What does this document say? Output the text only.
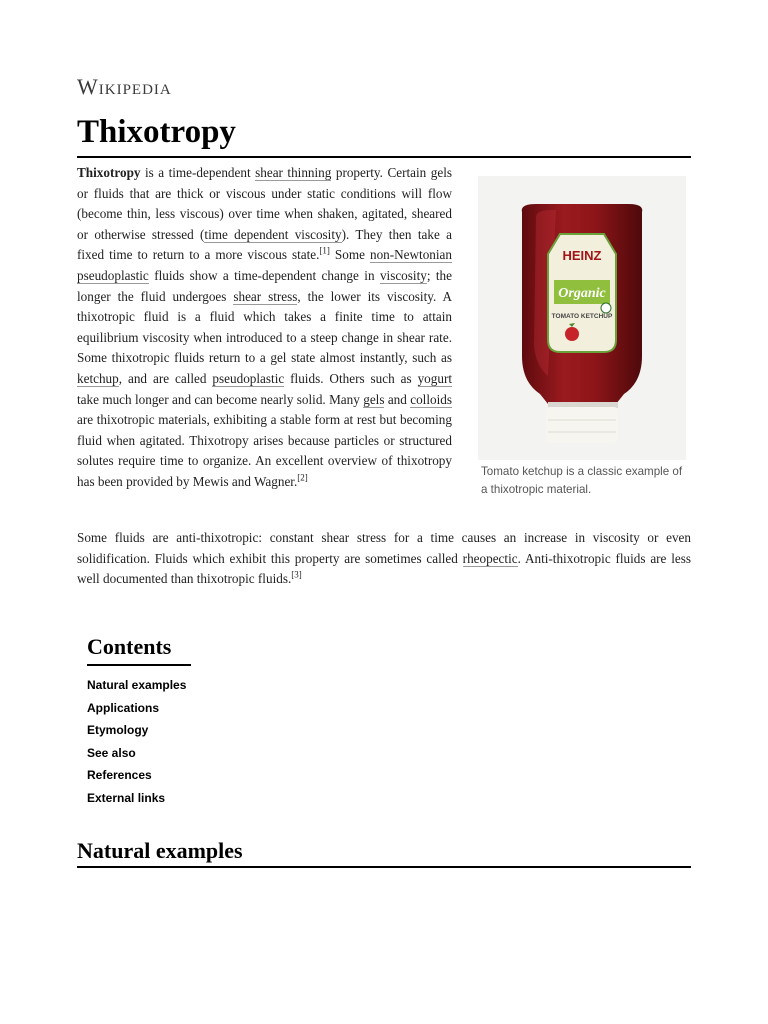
Wikipedia
Thixotropy

Thixotropy is a time-dependent shear thinning property. Certain gels or fluids that are thick or viscous under static conditions will flow (become thin, less viscous) over time when shaken, agitated, sheared or otherwise stressed (time dependent viscosity). They then take a fixed time to return to a more viscous state.[1] Some non-Newtonian pseudoplastic fluids show a time-dependent change in viscosity; the longer the fluid undergoes shear stress, the lower its viscosity. A thixotropic fluid is a fluid which takes a finite time to attain equilibrium viscosity when introduced to a steep change in shear rate. Some thixotropic fluids return to a gel state almost instantly, such as ketchup, and are called pseudoplastic fluids. Others such as yogurt take much longer and can become nearly solid. Many gels and colloids are thixotropic materials, exhibiting a stable form at rest but becoming fluid when agitated. Thixotropy arises because particles or structured solutes require time to organize. An excellent overview of thixotropy has been provided by Mewis and Wagner.[2]

HEINZ
Organic
TOMATO KETCHUP
Tomato ketchup is a classic example of a thixotropic material.

Some fluids are anti-thixotropic: constant shear stress for a time causes an increase in viscosity or even solidification. Fluids which exhibit this property are sometimes called rheopectic. Anti-thixotropic fluids are less well documented than thixotropic fluids.[3]

Contents
Natural examples
Applications
Etymology
See also
References
External links
Natural examples
